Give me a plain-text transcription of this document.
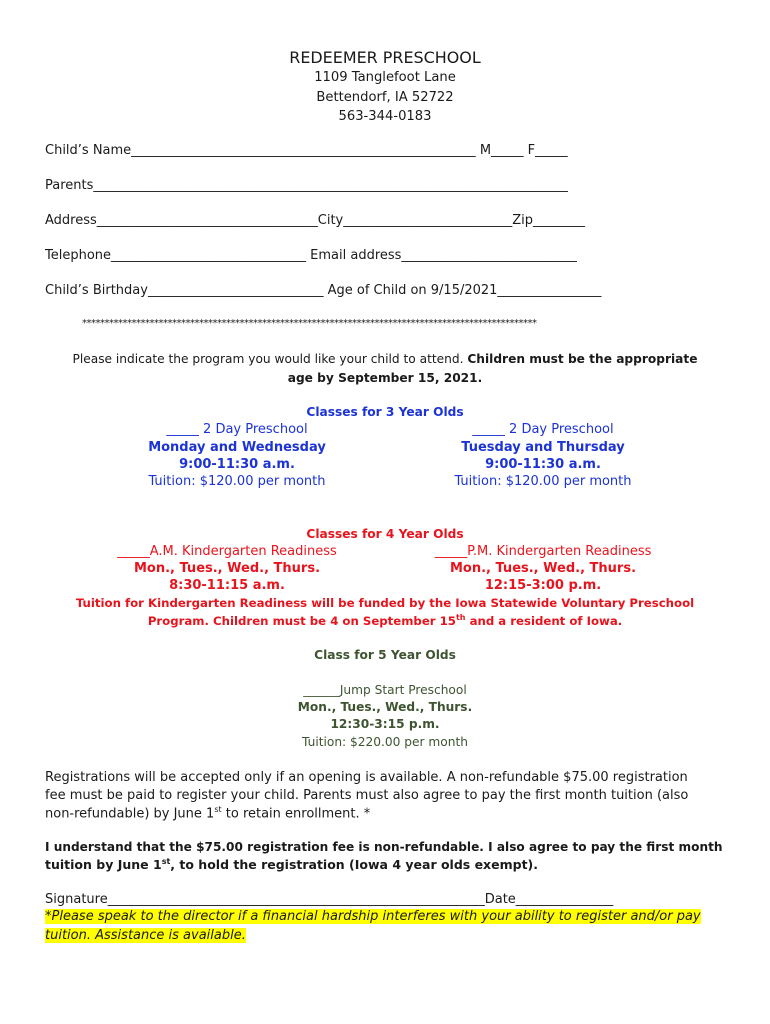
REDEEMER PRESCHOOL
1109 Tanglefoot Lane
Bettendorf, IA 52722
563-344-0183
Child’s Name_____________________________________________________ M_____ F_____
Parents_________________________________________________________________________
Address__________________________________City__________________________Zip________
Telephone______________________________ Email address___________________________
Child’s Birthday___________________________ Age of Child on 9/15/2021________________
*****************************************************************************************************
Please indicate the program you would like your child to attend. Children must be the appropriate
age by September 15, 2021.
Classes for 3 Year Olds
_____ 2 Day Preschool
Monday and Wednesday
9:00-11:30 a.m.
Tuition: $120.00 per month
_____ 2 Day Preschool
Tuesday and Thursday
9:00-11:30 a.m.
Tuition: $120.00 per month
Classes for 4 Year Olds
_____A.M. Kindergarten Readiness
Mon., Tues., Wed., Thurs.
8:30-11:15 a.m.
_____P.M. Kindergarten Readiness
Mon., Tues., Wed., Thurs.
12:15-3:00 p.m.
Tuition for Kindergarten Readiness will be funded by the Iowa Statewide Voluntary Preschool
Program. Children must be 4 on September 15th and a resident of Iowa.
Class for 5 Year Olds
______Jump Start Preschool
Mon., Tues., Wed., Thurs.
12:30-3:15 p.m.
Tuition: $220.00 per month
Registrations will be accepted only if an opening is available. A non-refundable $75.00 registration
fee must be paid to register your child. Parents must also agree to pay the first month tuition (also
non-refundable) by June 1st to retain enrollment. *
I understand that the $75.00 registration fee is non-refundable. I also agree to pay the first month
tuition by June 1st, to hold the registration (Iowa 4 year olds exempt).
Signature__________________________________________________________Date_______________
*Please speak to the director if a financial hardship interferes with your ability to register and/or pay
tuition. Assistance is available.
